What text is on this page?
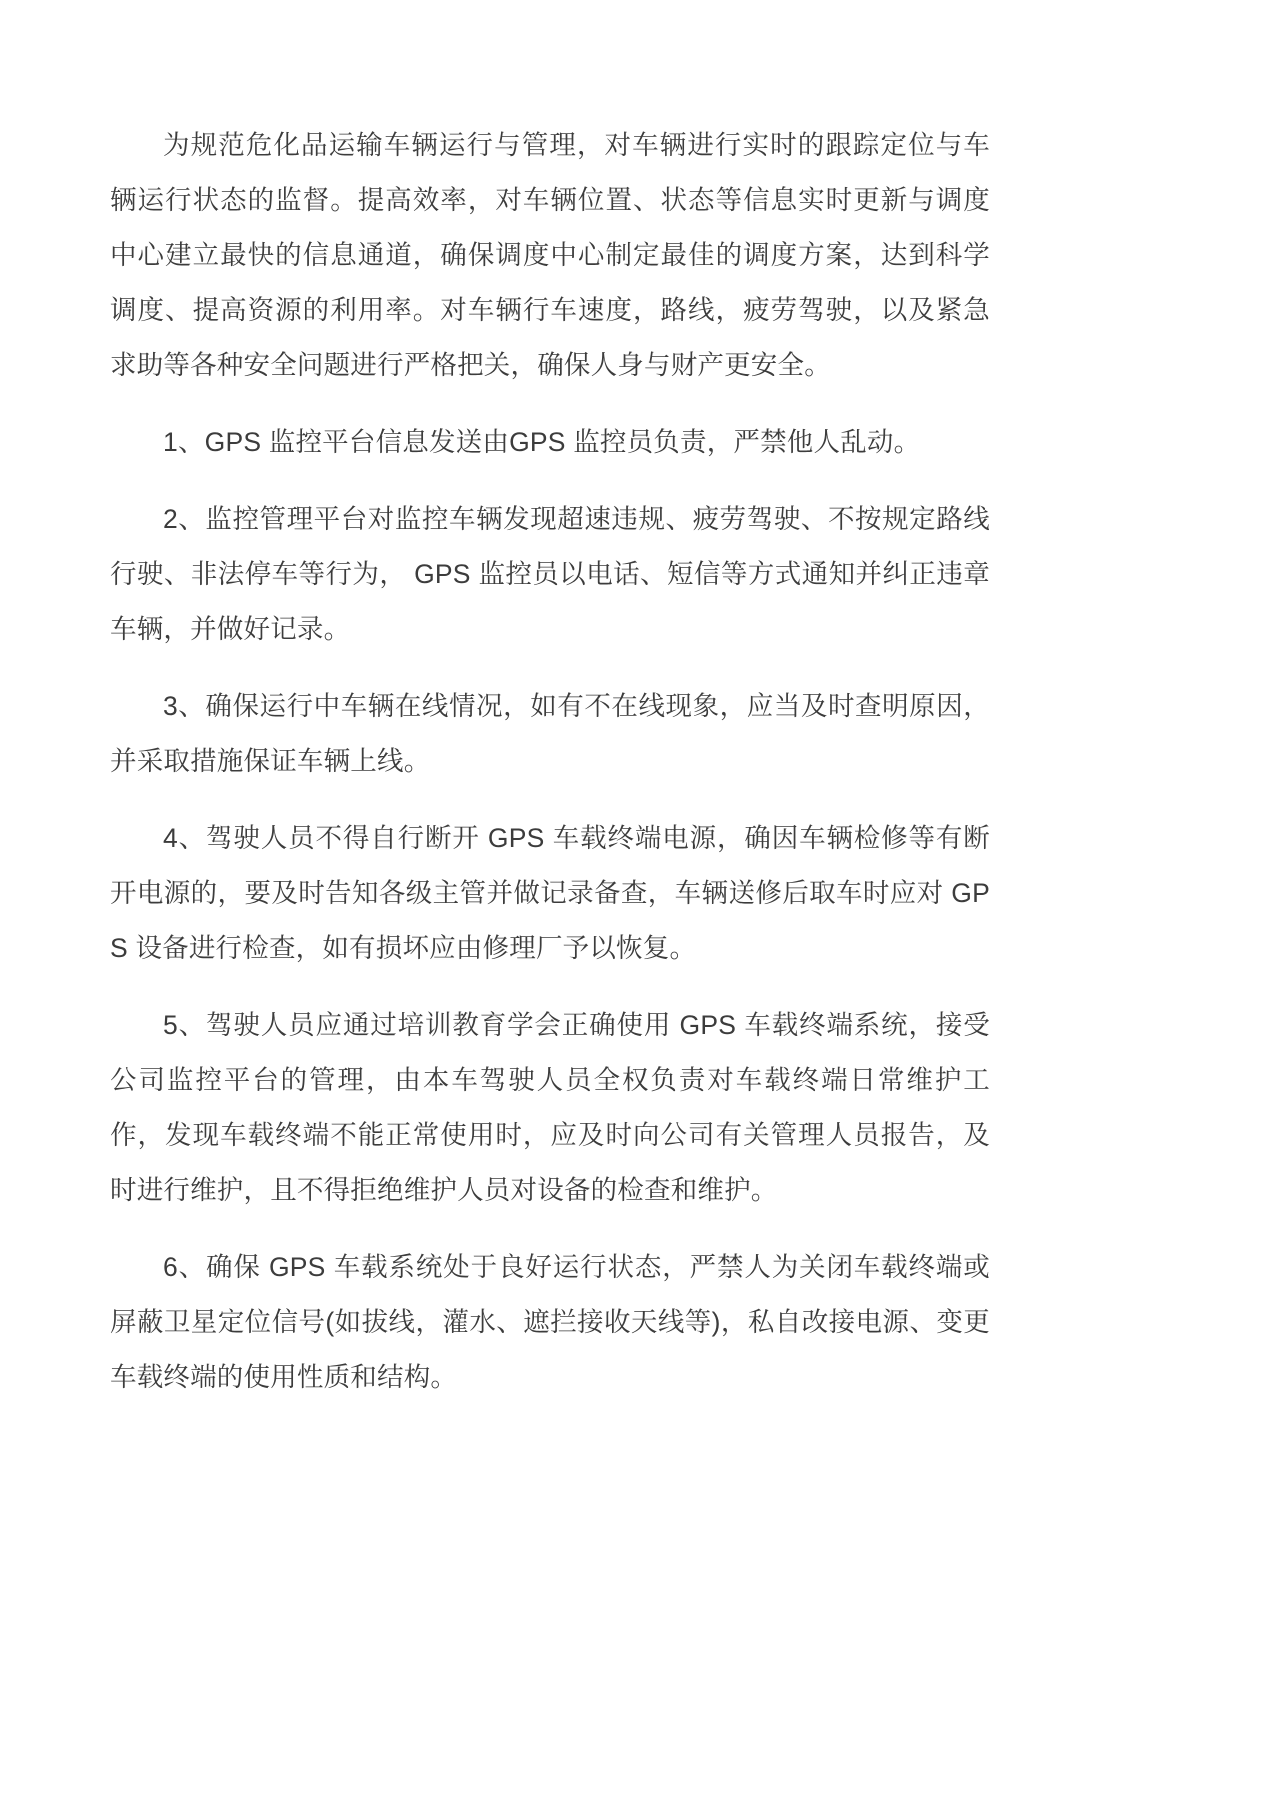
为规范危化品运输车辆运行与管理，对车辆进行实时的跟踪定位与车辆运行状态的监督。提高效率，对车辆位置、状态等信息实时更新与调度中心建立最快的信息通道，确保调度中心制定最佳的调度方案，达到科学调度、提高资源的利用率。对车辆行车速度，路线，疲劳驾驶，以及紧急求助等各种安全问题进行严格把关，确保人身与财产更安全。

1、GPS 监控平台信息发送由GPS 监控员负责，严禁他人乱动。

2、监控管理平台对监控车辆发现超速违规、疲劳驾驶、不按规定路线行驶、非法停车等行为， GPS 监控员以电话、短信等方式通知并纠正违章车辆，并做好记录。

3、确保运行中车辆在线情况，如有不在线现象，应当及时查明原因，并采取措施保证车辆上线。

4、驾驶人员不得自行断开 GPS 车载终端电源，确因车辆检修等有断开电源的，要及时告知各级主管并做记录备查，车辆送修后取车时应对 GPS 设备进行检查，如有损坏应由修理厂予以恢复。

5、驾驶人员应通过培训教育学会正确使用 GPS 车载终端系统，接受公司监控平台的管理，由本车驾驶人员全权负责对车载终端日常维护工作，发现车载终端不能正常使用时，应及时向公司有关管理人员报告，及时进行维护，且不得拒绝维护人员对设备的检查和维护。

6、确保 GPS 车载系统处于良好运行状态，严禁人为关闭车载终端或屏蔽卫星定位信号(如拔线，灌水、遮拦接收天线等)，私自改接电源、变更车载终端的使用性质和结构。
